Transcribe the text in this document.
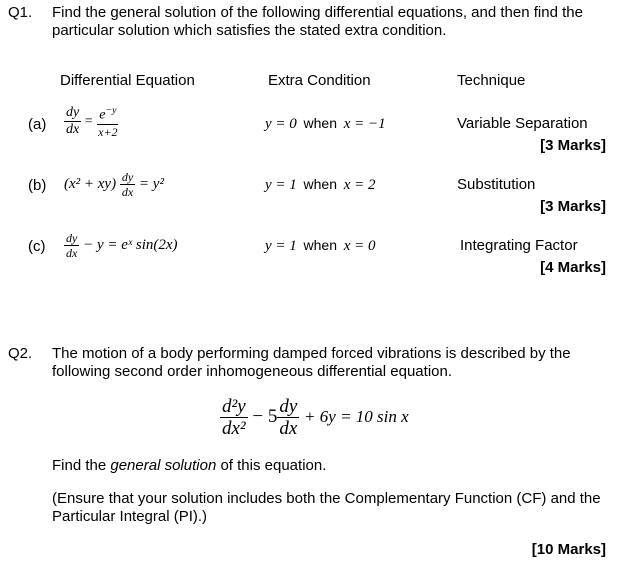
Q1. Find the general solution of the following differential equations, and then find the
particular solution which satisfies the stated extra condition.
Differential Equation	Extra Condition	Technique
$(a) \frac{dy}{dx} = \frac{e^{-y}}{x+2}$	y = 0 when x = −1	Variable Separation
[3 Marks]
(b) $(x^2 + xy) \frac{dy}{dx} = y^2$	y = 1 when x = 2	Substitution
[3 Marks]
$(c) \frac{dy}{dx} - y$ = eˣ sin(2x)	y = 1 when x = 0	Integrating Factor
[4 Marks]
Q2. The motion of a body performing damped forced vibrations is described by the
following second order inhomogeneous differential equation.
$\frac{\text{d²y}}{\text{dx²}} - 5 \frac{dy}{dx} + 6y = 10$ sin x
Find the general solution of this equation.
(Ensure that your solution includes both the Complementary Function (CF) and the
Particular Integral (PI).)
[10 Marks]
